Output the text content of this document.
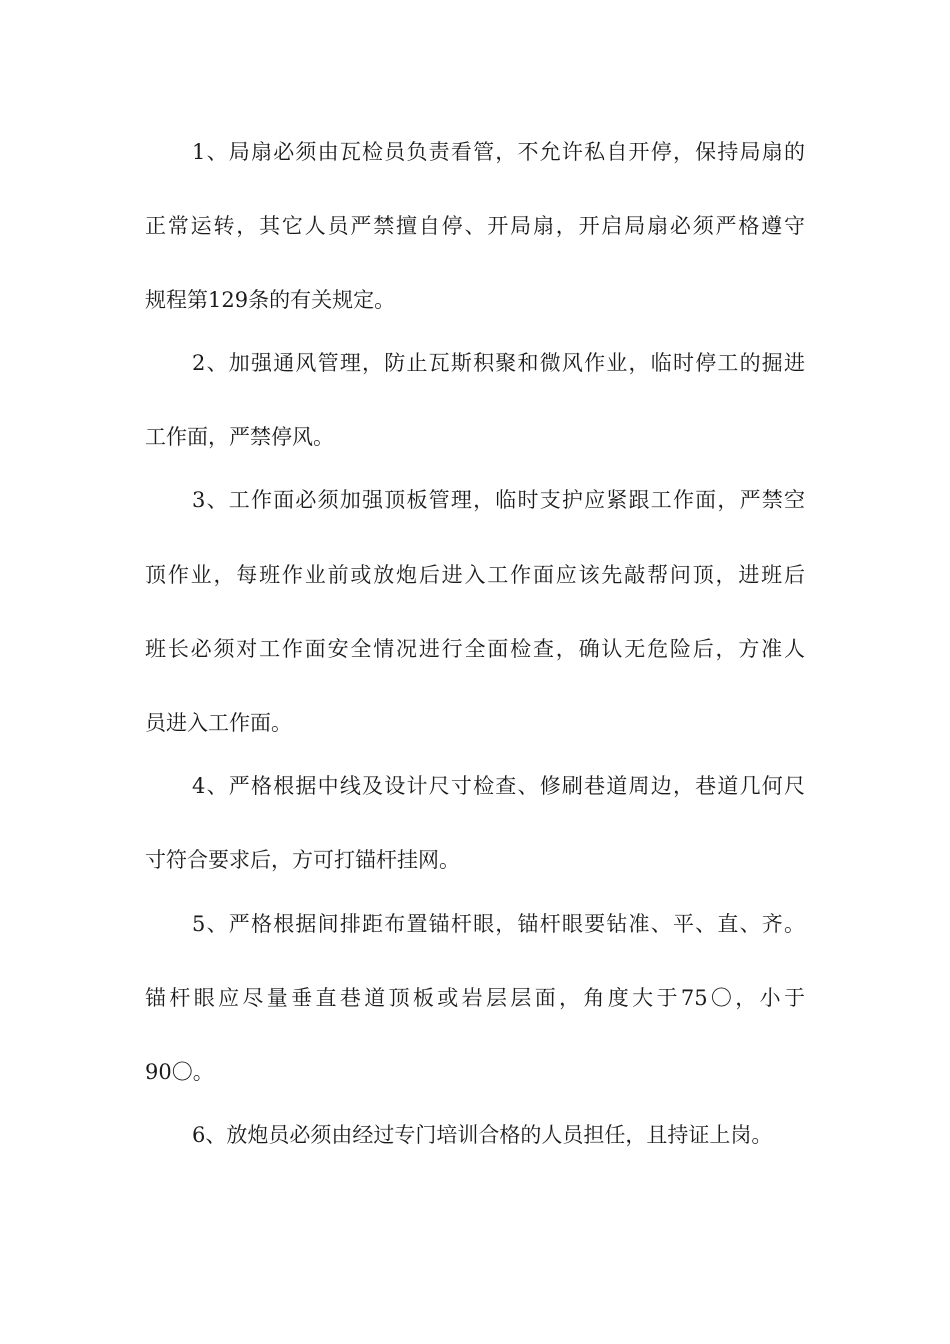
1、局扇必须由瓦检员负责看管，不允许私自开停，保持局扇的
正常运转，其它人员严禁擅自停、开局扇，开启局扇必须严格遵守
规程第129条的有关规定。
2、加强通风管理，防止瓦斯积聚和微风作业，临时停工的掘进
工作面，严禁停风。
3、工作面必须加强顶板管理，临时支护应紧跟工作面，严禁空
顶作业，每班作业前或放炮后进入工作面应该先敲帮问顶，进班后
班长必须对工作面安全情况进行全面检查，确认无危险后，方准人
员进入工作面。
4、严格根据中线及设计尺寸检查、修刷巷道周边，巷道几何尺
寸符合要求后，方可打锚杆挂网。
5、严格根据间排距布置锚杆眼，锚杆眼要钻准、平、直、齐。
锚杆眼应尽量垂直巷道顶板或岩层层面，角度大于75〇，小于
90〇。
6、放炮员必须由经过专门培训合格的人员担任，且持证上岗。
